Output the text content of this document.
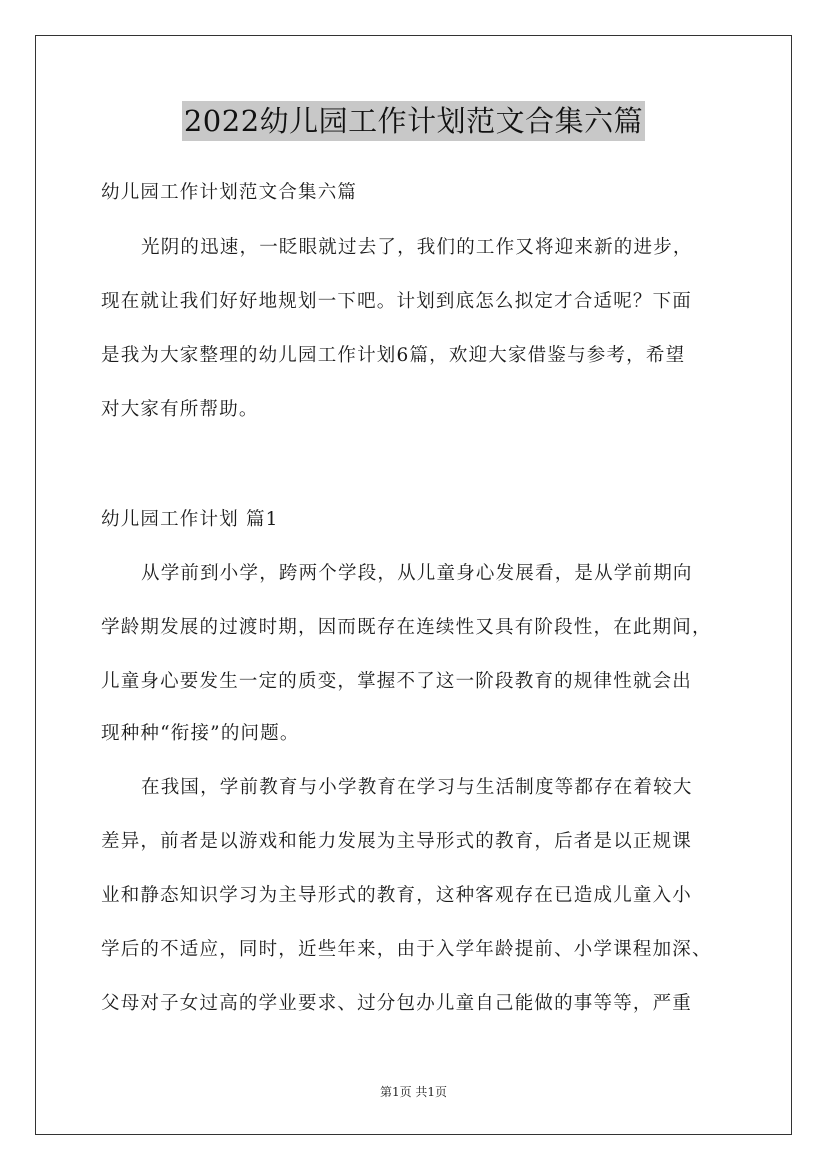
2022幼儿园工作计划范文合集六篇
幼儿园工作计划范文合集六篇
光阴的迅速，一眨眼就过去了，我们的工作又将迎来新的进步，
现在就让我们好好地规划一下吧。计划到底怎么拟定才合适呢？下面
是我为大家整理的幼儿园工作计划6篇，欢迎大家借鉴与参考，希望
对大家有所帮助。
幼儿园工作计划 篇1
从学前到小学，跨两个学段，从儿童身心发展看，是从学前期向
学龄期发展的过渡时期，因而既存在连续性又具有阶段性，在此期间，
儿童身心要发生一定的质变，掌握不了这一阶段教育的规律性就会出
现种种“衔接”的问题。
在我国，学前教育与小学教育在学习与生活制度等都存在着较大
差异，前者是以游戏和能力发展为主导形式的教育，后者是以正规课
业和静态知识学习为主导形式的教育，这种客观存在已造成儿童入小
学后的不适应，同时，近些年来，由于入学年龄提前、小学课程加深、
父母对子女过高的学业要求、过分包办儿童自己能做的事等等，严重
第1页 共1页
